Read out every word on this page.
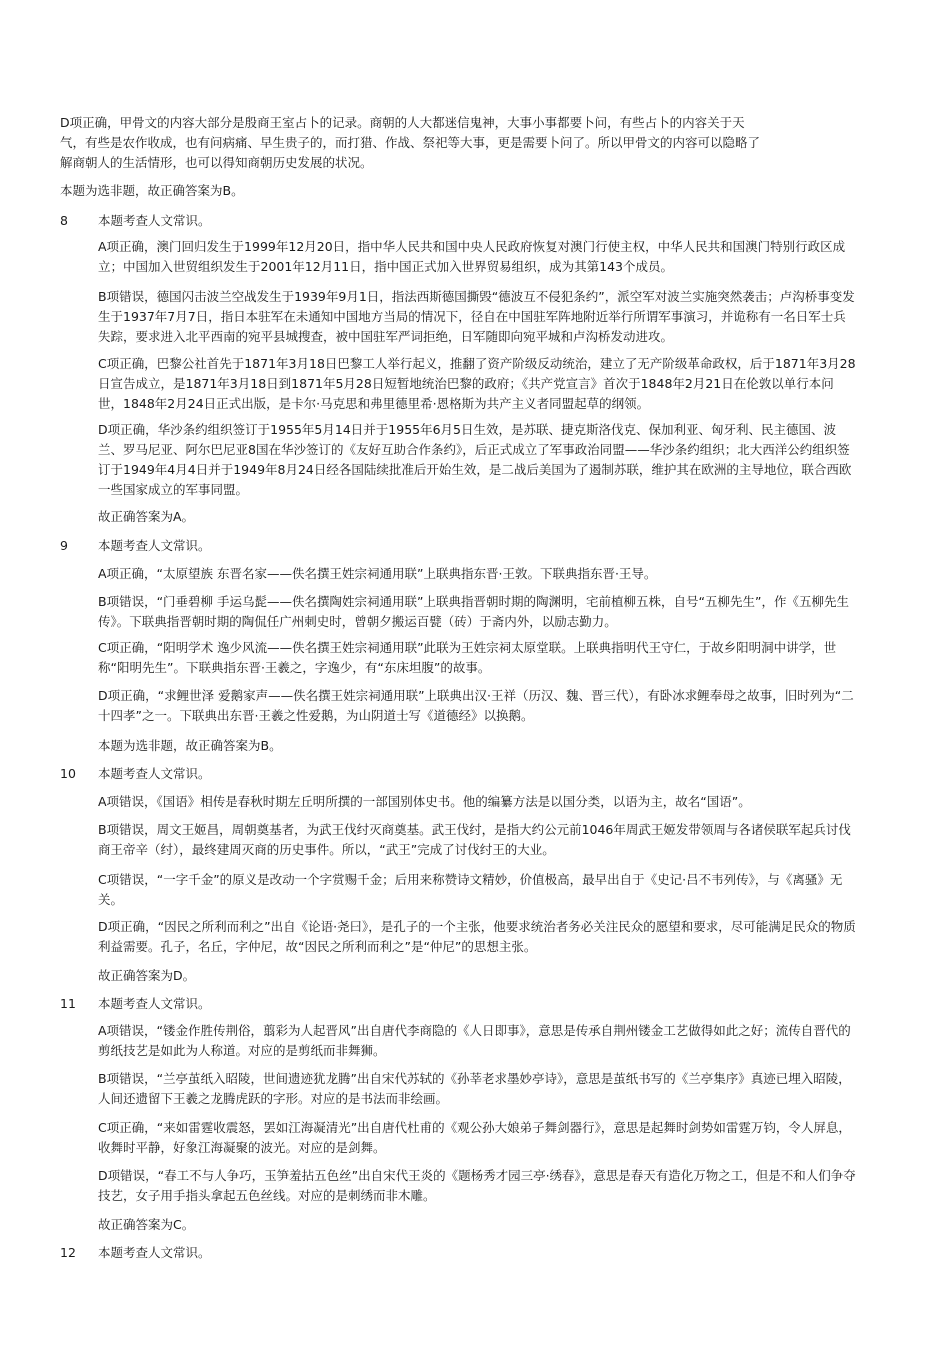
D项正确，甲骨文的内容大部分是殷商王室占卜的记录。商朝的人大都迷信鬼神，大事小事都要卜问，有些占卜的内容关于天
气，有些是农作收成，也有问病痛、早生贵子的，而打猎、作战、祭祀等大事，更是需要卜问了。所以甲骨文的内容可以隐略了
解商朝人的生活情形，也可以得知商朝历史发展的状况。
本题为选非题，故正确答案为B。
8	本题考查人文常识。
A项正确，澳门回归发生于1999年12月20日，指中华人民共和国中央人民政府恢复对澳门行使主权，中华人民共和国澳门特别行政区成立；中国加入世贸组织发生于2001年12月11日，指中国正式加入世界贸易组织，成为其第143个成员。
B项错误，德国闪击波兰空战发生于1939年9月1日，指法西斯德国撕毁“德波互不侵犯条约”，派空军对波兰实施突然袭击；卢沟桥事变发生于1937年7月7日，指日本驻军在未通知中国地方当局的情况下，径自在中国驻军阵地附近举行所谓军事演习，并诡称有一名日军士兵失踪，要求进入北平西南的宛平县城搜查，被中国驻军严词拒绝，日军随即向宛平城和卢沟桥发动进攻。
C项正确，巴黎公社首先于1871年3月18日巴黎工人举行起义，推翻了资产阶级反动统治，建立了无产阶级革命政权，后于1871年3月28日宣告成立，是1871年3月18日到1871年5月28日短暂地统治巴黎的政府；《共产党宣言》首次于1848年2月21日在伦敦以单行本问世，1848年2月24日正式出版，是卡尔·马克思和弗里德里希·恩格斯为共产主义者同盟起草的纲领。
D项正确，华沙条约组织签订于1955年5月14日并于1955年6月5日生效，是苏联、捷克斯洛伐克、保加利亚、匈牙利、民主德国、波兰、罗马尼亚、阿尔巴尼亚8国在华沙签订的《友好互助合作条约》，后正式成立了军事政治同盟——华沙条约组织；北大西洋公约组织签订于1949年4月4日并于1949年8月24日经各国陆续批准后开始生效，是二战后美国为了遏制苏联，维护其在欧洲的主导地位，联合西欧一些国家成立的军事同盟。
故正确答案为A。
9	本题考查人文常识。
A项正确，“太原望族 东晋名家——佚名撰王姓宗祠通用联”上联典指东晋·王敦。下联典指东晋·王导。
B项错误，“门垂碧柳 手运乌髭——佚名撰陶姓宗祠通用联”上联典指晋朝时期的陶渊明，宅前植柳五株，自号“五柳先生”，作《五柳先生传》。下联典指晋朝时期的陶侃任广州刺史时，曾朝夕搬运百甓（砖）于斋内外，以励志勤力。
C项正确，“阳明学术 逸少风流——佚名撰王姓宗祠通用联”此联为王姓宗祠太原堂联。上联典指明代王守仁，于故乡阳明洞中讲学，世称“阳明先生”。下联典指东晋·王羲之，字逸少，有“东床坦腹”的故事。
D项正确，“求鲤世泽 爱鹅家声——佚名撰王姓宗祠通用联”上联典出汉·王祥（历汉、魏、晋三代），有卧冰求鲤奉母之故事，旧时列为“二十四孝”之一。下联典出东晋·王羲之性爱鹅，为山阴道士写《道德经》以换鹅。
本题为选非题，故正确答案为B。
10	本题考查人文常识。
A项错误，《国语》相传是春秋时期左丘明所撰的一部国别体史书。他的编纂方法是以国分类，以语为主，故名“国语”。
B项错误，周文王姬昌，周朝奠基者，为武王伐纣灭商奠基。武王伐纣，是指大约公元前1046年周武王姬发带领周与各诸侯联军起兵讨伐商王帝辛（纣），最终建周灭商的历史事件。所以，“武王”完成了讨伐纣王的大业。
C项错误，“一字千金”的原义是改动一个字赏赐千金；后用来称赞诗文精妙，价值极高，最早出自于《史记·吕不韦列传》，与《离骚》无关。
D项正确，“因民之所利而利之”出自《论语·尧曰》，是孔子的一个主张，他要求统治者务必关注民众的愿望和要求，尽可能满足民众的物质利益需要。孔子，名丘，字仲尼，故“因民之所利而利之”是“仲尼”的思想主张。
故正确答案为D。
11	本题考查人文常识。
A项错误，“镂金作胜传荆俗，翦彩为人起晋风”出自唐代李商隐的《人日即事》，意思是传承自荆州镂金工艺做得如此之好；流传自晋代的剪纸技艺是如此为人称道。对应的是剪纸而非舞狮。
B项错误，“兰亭茧纸入昭陵，世间遗迹犹龙腾”出自宋代苏轼的《孙莘老求墨妙亭诗》，意思是茧纸书写的《兰亭集序》真迹已埋入昭陵，人间还遗留下王羲之龙腾虎跃的字形。对应的是书法而非绘画。
C项正确，“来如雷霆收震怒，罢如江海凝清光”出自唐代杜甫的《观公孙大娘弟子舞剑器行》，意思是起舞时剑势如雷霆万钧，令人屏息，收舞时平静，好象江海凝聚的波光。对应的是剑舞。
D项错误，“春工不与人争巧，玉笋羞拈五色丝”出自宋代王炎的《题杨秀才园三亭·绣春》，意思是春天有造化万物之工，但是不和人们争夺技艺，女子用手指头拿起五色丝线。对应的是刺绣而非木雕。
故正确答案为C。
12	本题考查人文常识。
